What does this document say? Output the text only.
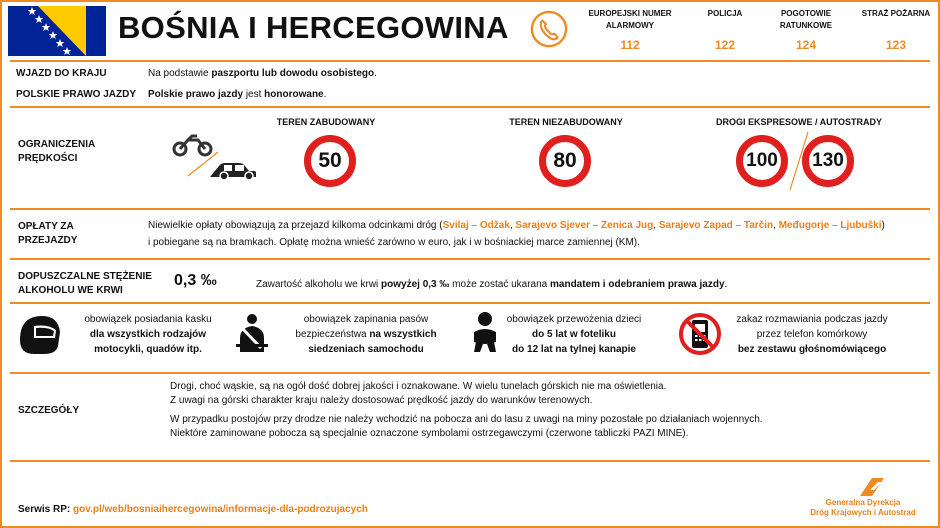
BOŚNIA I HERCEGOWINA	EUROPEJSKI NUMER ALARMOWY
112
POLICJA
122
POGOTOWIE RATUNKOWE
124
STRAŻ POŻARNA
123
WJAZD DO KRAJU	Na podstawie paszportu lub dowodu osobistego.
POLSKIE PRAWO JAZDY Polskie prawo jazdy jest honorowane.
OGRANICZENIA PRĘDKOŚCI
TEREN ZABUDOWANY
50
TEREN NIEZABUDOWANY
80
DROGI EKSPRESOWE / AUTOSTRADY
100	130
OPŁATY ZA PRZEJAZDY
Niewielkie opłaty obowiązują za przejazd kilkoma odcinkami dróg (Svilaj – Odžak, Sarajevo Sjever – Zenica Jug, Sarajevo Zapad – Tarčin, Međugorje – Ljubuški)
i pobiegane są na bramkach. Opłatę można wnieść zarówno w euro, jak i w bośniackiej marce zamiennej (KM).
DOPUSZCZALNE STĘŻENIE ALKOHOLU WE KRWI
0,3 ‰	Zawartość alkoholu we krwi powyżej 0,3 ‰ może zostać ukarana mandatem i odebraniem prawa jazdy.
obowiązek posiadania kasku
dla wszystkich rodzajów
motocykli, quadów itp.
obowiązek zapinania pasów
bezpieczeństwa na wszystkich
siedzeniach samochodu
obowiązek przewożenia dzieci
do 5 lat w foteliku
do 12 lat na tylnej kanapie
zakaz rozmawiania podczas jazdy
przez telefon komórkowy
bez zestawu głośnomówiącego
SZCZEGÓŁY
Drogi, choć wąskie, są na ogół dość dobrej jakości i oznakowane. W wielu tunelach górskich nie ma oświetlenia.
Z uwagi na górski charakter kraju należy dostosować prędkość jazdy do warunków terenowych.
W przypadku postojów przy drodze nie należy wchodzić na pobocza ani do lasu z uwagi na miny pozostałe po działaniach wojennych.
Niektóre zaminowane pobocza są specjalnie oznaczone symbolami ostrzegawczymi (czerwone tabliczki PAZI MINE).
Serwis RP: gov.pl/web/bosniaihercegowina/informacje-dla-podrozujacych
Generalna Dyrekcja
Dróg Krajowych i Autostrad
